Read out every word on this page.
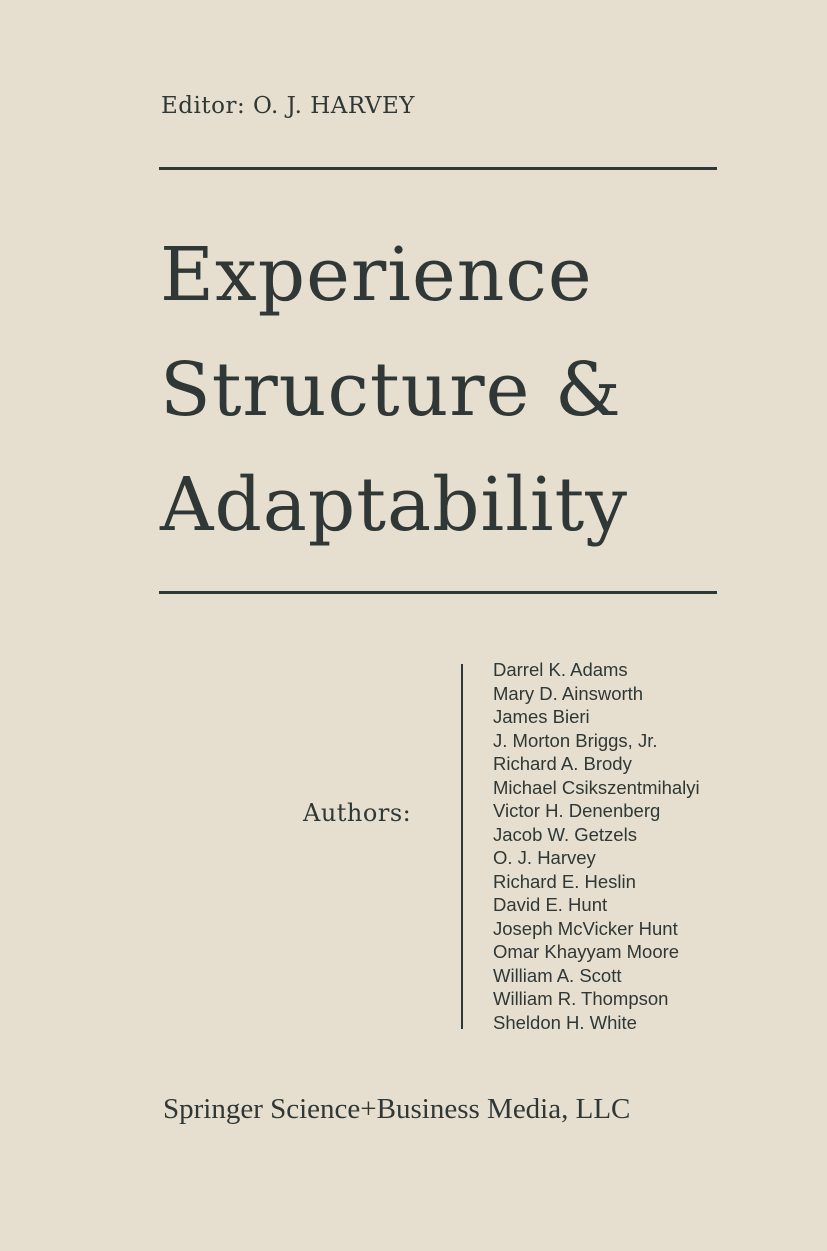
Editor: O. J. HARVEY
Experience
Structure &
Adaptability
Authors:
Darrel K. Adams
Mary D. Ainsworth
James Bieri
J. Morton Briggs, Jr.
Richard A. Brody
Michael Csikszentmihalyi
Victor H. Denenberg
Jacob W. Getzels
O. J. Harvey
Richard E. Heslin
David E. Hunt
Joseph McVicker Hunt
Omar Khayyam Moore
William A. Scott
William R. Thompson
Sheldon H. White
Springer Science+Business Media, LLC
